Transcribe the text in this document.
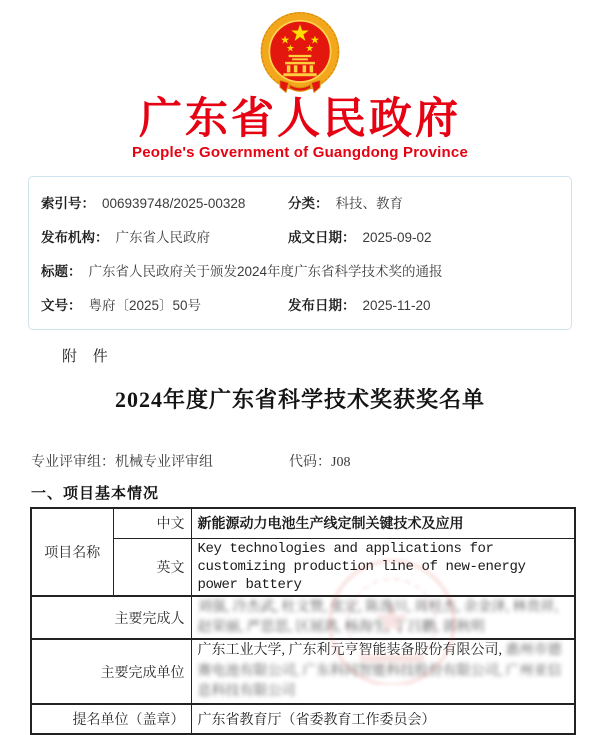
广东省人民政府
People's Government of Guangdong Province
索引号： 006939748/2025-00328	分类： 科技、教育
发布机构： 广东省人民政府	成文日期： 2025-09-02
标题： 广东省人民政府关于颁发2024年度广东省科学技术奖的通报
文号： 粤府〔2025〕50号	发布日期： 2025-11-20
附 件
2024年度广东省科学技术奖获奖名单
专业评审组：机械专业评审组	代码：J08
一、项目基本情况
项目名称	中文	新能源动力电池生产线定制关键技术及应用
	英文	Key technologies and applications for customizing production line of new-energy power battery
主要完成人		刘强, 冷杰武, 杜文赞, 张定, 陈逸川, 周桂杰, 余金泽, 林贵祥, 赵荣丽, 严思思, 区展鸿, 杨海生, 丁吕鹏, 郭秋明
主要完成单位		广东工业大学, 广东利元亨智能装备股份有限公司, 惠州市德赛电池有限公司, 广东科同智能科技股份有限公司, 广州亚信息科技有限公司
提名单位（盖章）		广东省教育厅（省委教育工作委员会）
